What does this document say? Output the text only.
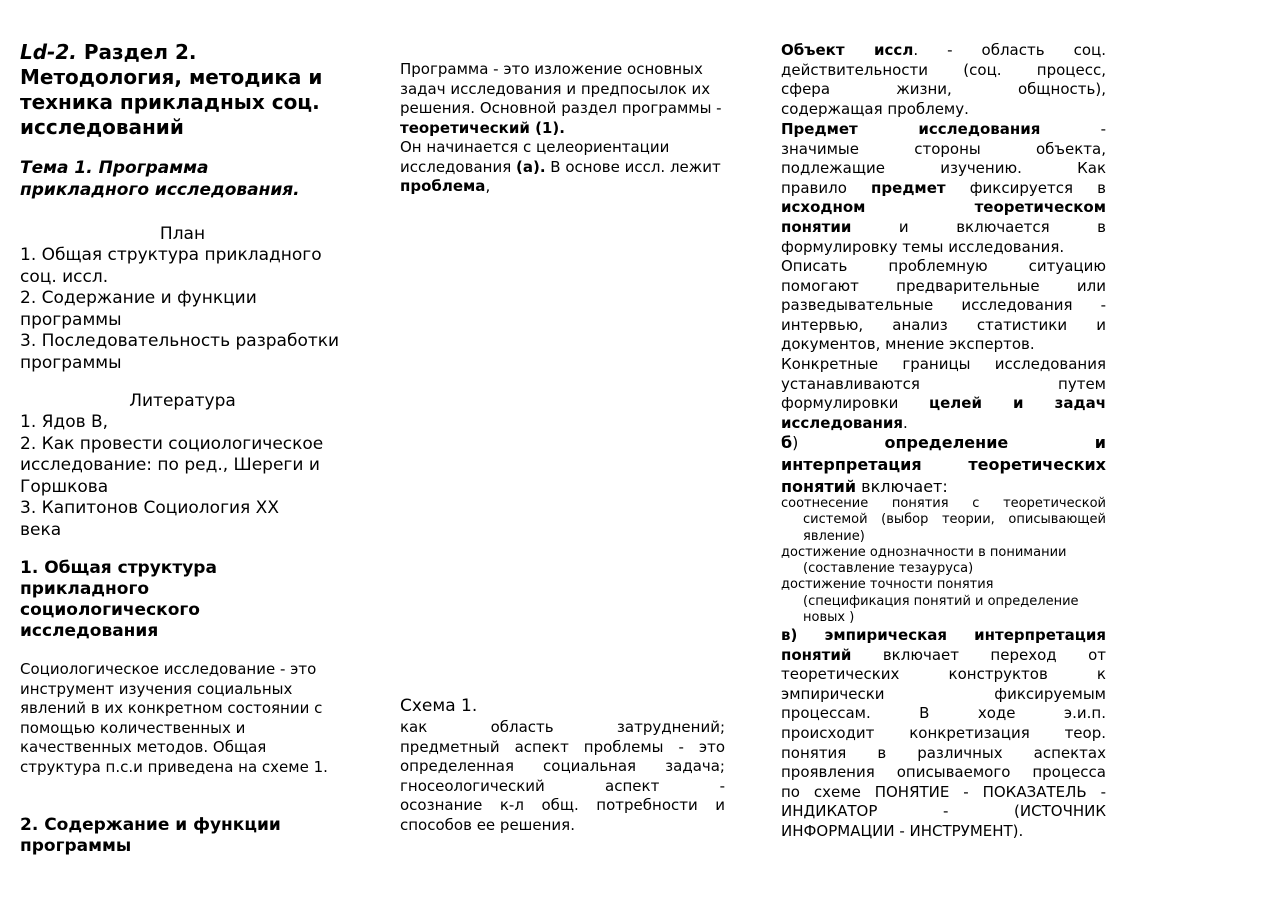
Ld-2. Раздел 2. Методология, методика и техника прикладных соц. исследований
Тема 1. Программа прикладного исследования.
План
1. Общая структура прикладного соц. иссл.
2. Содержание и функции программы
3. Последовательность разработки программы
Литература
1. Ядов В,
2. Как провести социологическое исследование: по ред., Шереги и Горшкова
3. Капитонов Социология ХХ века
1. Общая структура прикладного социологического исследования
Социологическое исследование - это инструмент изучения социальных явлений в их конкретном состоянии с помощью количественных и качественных методов. Общая структура п.с.и приведена на схеме 1.
2. Содержание и функции программы
Программа - это изложение основных задач исследования и предпосылок их решения. Основной раздел программы -
теоретический (1).
Он начинается с целеориентации исследования (а). В основе иссл. лежит проблема,
Схема 1.
как область затруднений;
предметный аспект проблемы - это
определенная социальная задача;
гносеологический аспект -
осознание к-л общ. потребности и
способов ее решения.
Объект иссл. - область соц.
действительности (соц. процесс,
сфера жизни, общность),
содержащая проблему.
Предмет исследования -
значимые стороны объекта,
подлежащие изучению. Как
правило предмет фиксируется в
исходном теоретическом
понятии и включается в
формулировку темы исследования.
Описать проблемную ситуацию
помогают предварительные или
разведывательные исследования -
интервью, анализ статистики и
документов, мнение экспертов.
Конкретные границы исследования
устанавливаются путем
формулировки целей и задач
исследования.
б) определение и
интерпретация теоретических
понятий включает:
соотнесение понятия с теоретической
системой (выбор теории, описывающей
явление)
достижение однозначности в понимании
(составление тезауруса)
достижение точности понятия
(спецификация понятий и определение
новых )
в) эмпирическая интерпретация
понятий включает переход от
теоретических конструктов к
эмпирически фиксируемым
процессам. В ходе э.и.п.
происходит конкретизация теор.
понятия в различных аспектах
проявления описываемого процесса
по схеме ПОНЯТИЕ - ПОКАЗАТЕЛЬ -
ИНДИКАТОР - (ИСТОЧНИК
ИНФОРМАЦИИ - ИНСТРУМЕНТ).
